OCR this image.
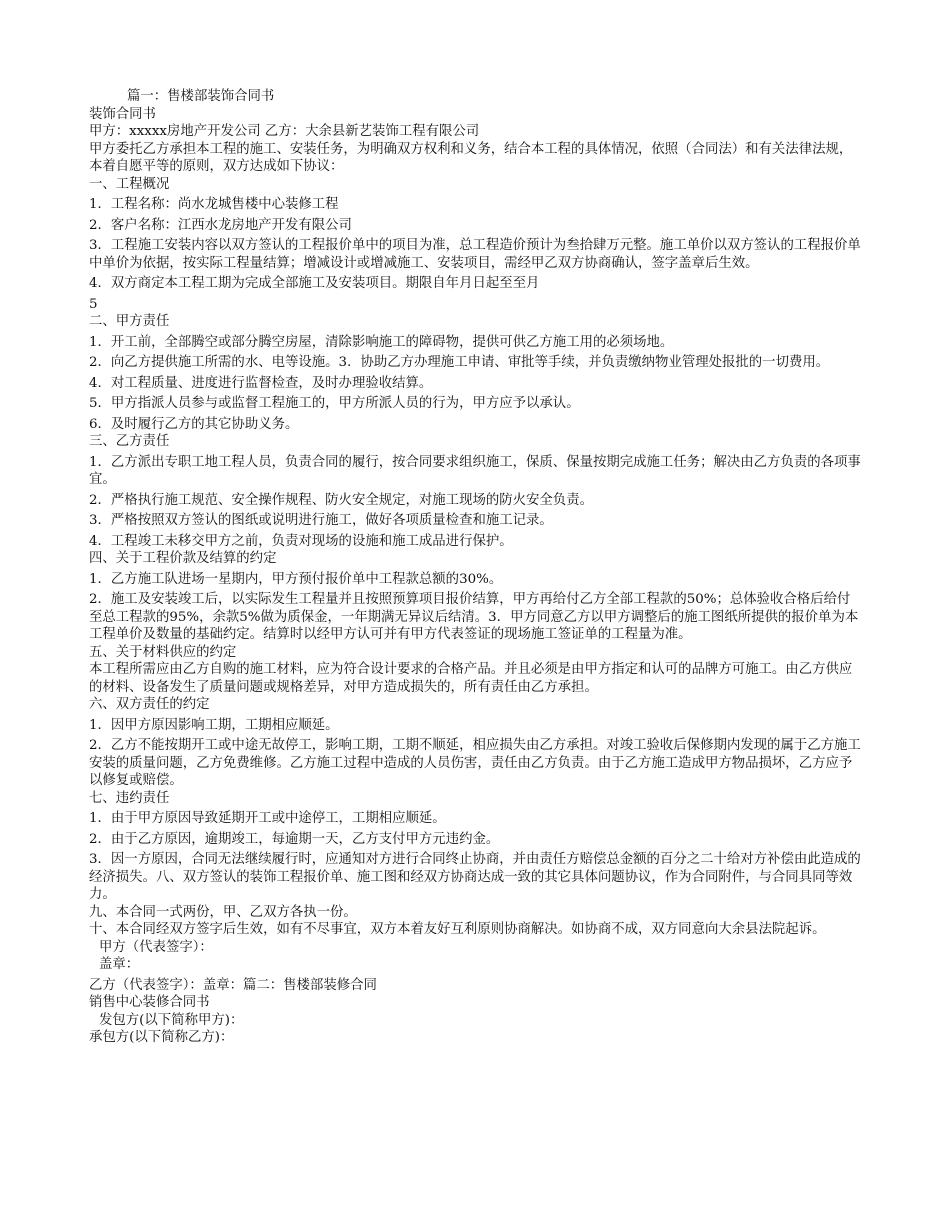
篇一：售楼部装饰合同书

装饰合同书

甲方：xxxxx房地产开发公司 乙方：大余县新艺装饰工程有限公司

甲方委托乙方承担本工程的施工、安装任务，为明确双方权利和义务，结合本工程的具体情况，依照（合同法）和有关法律法规，本着自愿平等的原则，双方达成如下协议：

一、工程概况

1．工程名称：尚水龙城售楼中心装修工程

2．客户名称：江西水龙房地产开发有限公司

3．工程施工安装内容以双方签认的工程报价单中的项目为准，总工程造价预计为叁拾肆万元整。施工单价以双方签认的工程报价单中单价为依据，按实际工程量结算；增减设计或增减施工、安装项目，需经甲乙双方协商确认，签字盖章后生效。

4．双方商定本工程工期为完成全部施工及安装项目。期限自年月日起至至月

5

二、甲方责任

1．开工前，全部腾空或部分腾空房屋，清除影响施工的障碍物，提供可供乙方施工用的必须场地。

2．向乙方提供施工所需的水、电等设施。3．协助乙方办理施工申请、审批等手续，并负责缴纳物业管理处报批的一切费用。

4．对工程质量、进度进行监督检查，及时办理验收结算。

5．甲方指派人员参与或监督工程施工的，甲方所派人员的行为，甲方应予以承认。

6．及时履行乙方的其它协助义务。

三、乙方责任

1．乙方派出专职工地工程人员，负责合同的履行，按合同要求组织施工，保质、保量按期完成施工任务；解决由乙方负责的各项事宜。

2．严格执行施工规范、安全操作规程、防火安全规定，对施工现场的防火安全负责。

3．严格按照双方签认的图纸或说明进行施工，做好各项质量检查和施工记录。

4．工程竣工未移交甲方之前，负责对现场的设施和施工成品进行保护。

四、关于工程价款及结算的约定

1．乙方施工队进场一星期内，甲方预付报价单中工程款总额的30%。

2．施工及安装竣工后，以实际发生工程量并且按照预算项目报价结算，甲方再给付乙方全部工程款的50%；总体验收合格后给付至总工程款的95%，余款5%做为质保金，一年期满无异议后结清。3．甲方同意乙方以甲方调整后的施工图纸所提供的报价单为本工程单价及数量的基础约定。结算时以经甲方认可并有甲方代表签证的现场施工签证单的工程量为准。

五、关于材料供应的约定

本工程所需应由乙方自购的施工材料，应为符合设计要求的合格产品。并且必须是由甲方指定和认可的品牌方可施工。由乙方供应的材料、设备发生了质量问题或规格差异，对甲方造成损失的，所有责任由乙方承担。

六、双方责任的约定

1．因甲方原因影响工期，工期相应顺延。

2．乙方不能按期开工或中途无故停工，影响工期，工期不顺延，相应损失由乙方承担。对竣工验收后保修期内发现的属于乙方施工安装的质量问题，乙方免费维修。乙方施工过程中造成的人员伤害，责任由乙方负责。由于乙方施工造成甲方物品损坏，乙方应予以修复或赔偿。

七、违约责任

1．由于甲方原因导致延期开工或中途停工，工期相应顺延。

2．由于乙方原因，逾期竣工，每逾期一天，乙方支付甲方元违约金。

3．因一方原因，合同无法继续履行时，应通知对方进行合同终止协商，并由责任方赔偿总金额的百分之二十给对方补偿由此造成的经济损失。八、双方签认的装饰工程报价单、施工图和经双方协商达成一致的其它具体问题协议，作为合同附件，与合同具同等效力。

九、本合同一式两份，甲、乙双方各执一份。

十、本合同经双方签字后生效，如有不尽事宜，双方本着友好互利原则协商解决。如协商不成，双方同意向大余县法院起诉。

甲方（代表签字）：

盖章：

乙方（代表签字）：盖章：篇二：售楼部装修合同

销售中心装修合同书

发包方(以下简称甲方)：

承包方(以下简称乙方)：
